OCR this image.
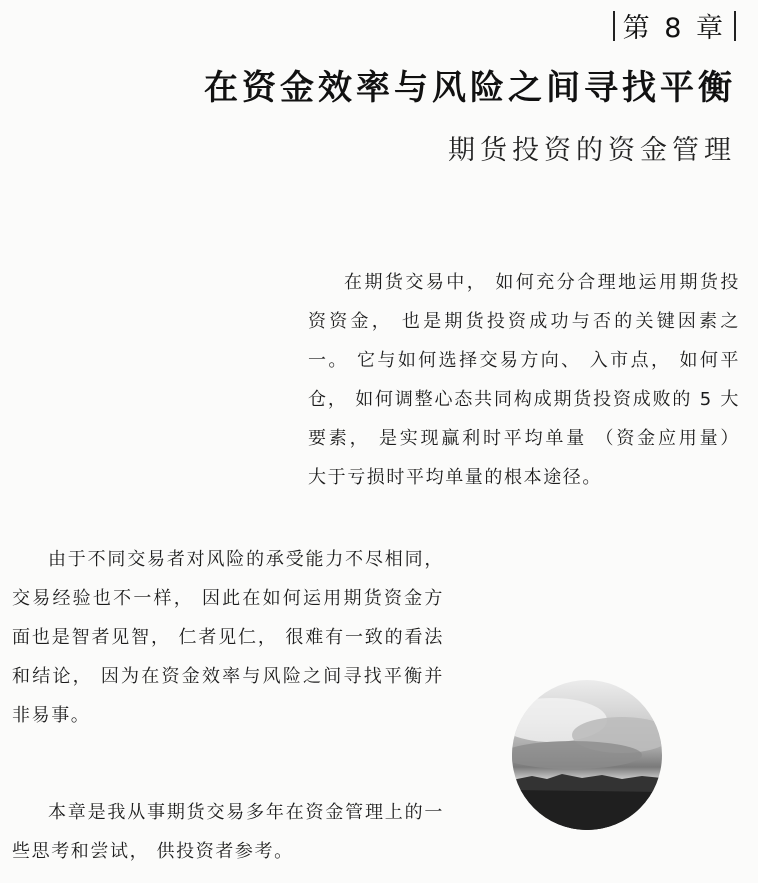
第 8 章
在资金效率与风险之间寻找平衡
期货投资的资金管理
在期货交易中， 如何充分合理地运用期货投资资金， 也是期货投资成功与否的关键因素之一。 它与如何选择交易方向、 入市点， 如何平仓， 如何调整心态共同构成期货投资成败的 5 大要素， 是实现赢利时平均单量 （资金应用量） 大于亏损时平均单量的根本途径。
由于不同交易者对风险的承受能力不尽相同， 交易经验也不一样， 因此在如何运用期货资金方面也是智者见智， 仁者见仁， 很难有一致的看法和结论， 因为在资金效率与风险之间寻找平衡并非易事。
本章是我从事期货交易多年在资金管理上的一些思考和尝试， 供投资者参考。
